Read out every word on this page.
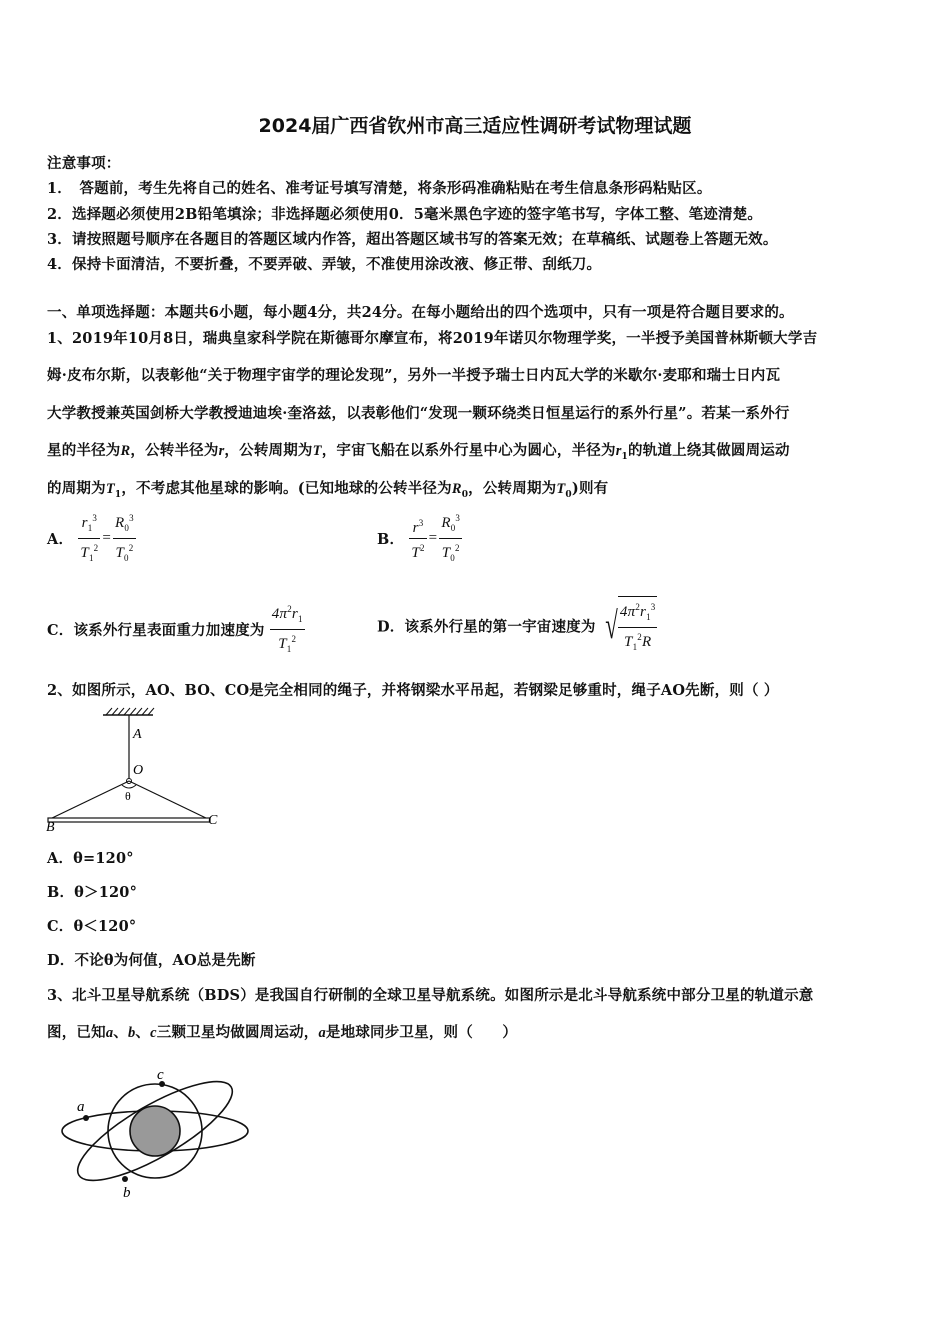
2024届广西省钦州市高三适应性调研考试物理试题
注意事项：
1．　答题前，考生先将自己的姓名、准考证号填写清楚，将条形码准确粘贴在考生信息条形码粘贴区。
2．选择题必须使用2B铅笔填涂；非选择题必须使用0．5毫米黑色字迹的签字笔书写，字体工整、笔迹清楚。
3．请按照题号顺序在各题目的答题区域内作答，超出答题区域书写的答案无效；在草稿纸、试题卷上答题无效。
4．保持卡面清洁，不要折叠，不要弄破、弄皱，不准使用涂改液、修正带、刮纸刀。
一、单项选择题：本题共6小题，每小题4分，共24分。在每小题给出的四个选项中，只有一项是符合题目要求的。
1、2019年10月8日，瑞典皇家科学院在斯德哥尔摩宣布，将2019年诺贝尔物理学奖，一半授予美国普林斯顿大学吉
姆·皮布尔斯，以表彰他“关于物理宇宙学的理论发现”，另外一半授予瑞士日内瓦大学的米歇尔·麦耶和瑞士日内瓦
大学教授兼英国剑桥大学教授迪迪埃·奎洛兹，以表彰他们“发现一颗环绕类日恒星运行的系外行星”。若某一系外行
星的半径为R，公转半径为r，公转周期为T，宇宙飞船在以系外行星中心为圆心，半径为$r_1$的轨道上绕其做圆周运动
的周期为$T_1$，不考虑其他星球的影响。(已知地球的公转半径为$R_0$，公转周期为$T_0$)则有
A． $\frac{r_1^3}{T_1^2} = \frac{R_0^3}{T_0^2}$	B． $\frac{r^3}{T^2} = \frac{R_0^3}{T_0^2}$
C．该系外行星表面重力加速度为 $\frac{4\pi^2r_1}{T_1^2}$	D．该系外行星的第一宇宙速度为 √ $\frac{4\pi^2r_1^3}{T_1^2R}$
2、如图所示，AO、BO、CO是完全相同的绳子，并将钢梁水平吊起，若钢梁足够重时，绳子AO先断，则（ ）
A
O
θ
B	C
A．θ=120°
B．θ＞120°
C．θ＜120°
D．不论θ为何值，AO总是先断
3、北斗卫星导航系统（BDS）是我国自行研制的全球卫星导航系统。如图所示是北斗导航系统中部分卫星的轨道示意
图，已知a、b、c三颗卫星均做圆周运动，a是地球同步卫星，则（　　）
c
a
b
